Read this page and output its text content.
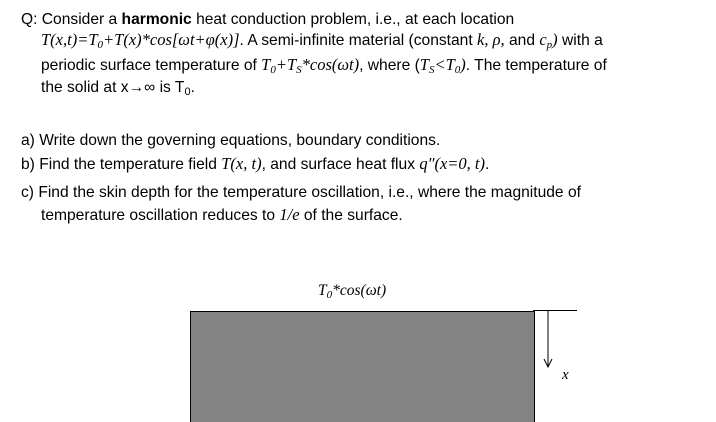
Q: Consider a harmonic heat conduction problem, i.e., at each location
$T(x,t)=T_0+T(x)*\cos[\omega t+\varphi(x)]$. A semi-infinite material (constant k, ρ, and $c_p$) with a
periodic surface temperature of $T_0+T_S*\cos(\omega t)$, where $(T_S<T_0)$. The temperature of
the solid at x→∞ is $T_0$.
a) Write down the governing equations, boundary conditions.
b) Find the temperature field T(x, t), and surface heat flux q″(x=0, t).
c) Find the skin depth for the temperature oscillation, i.e., where the magnitude of
temperature oscillation reduces to 1/e of the surface.
$T_0*\cos(\omega t)$
x
